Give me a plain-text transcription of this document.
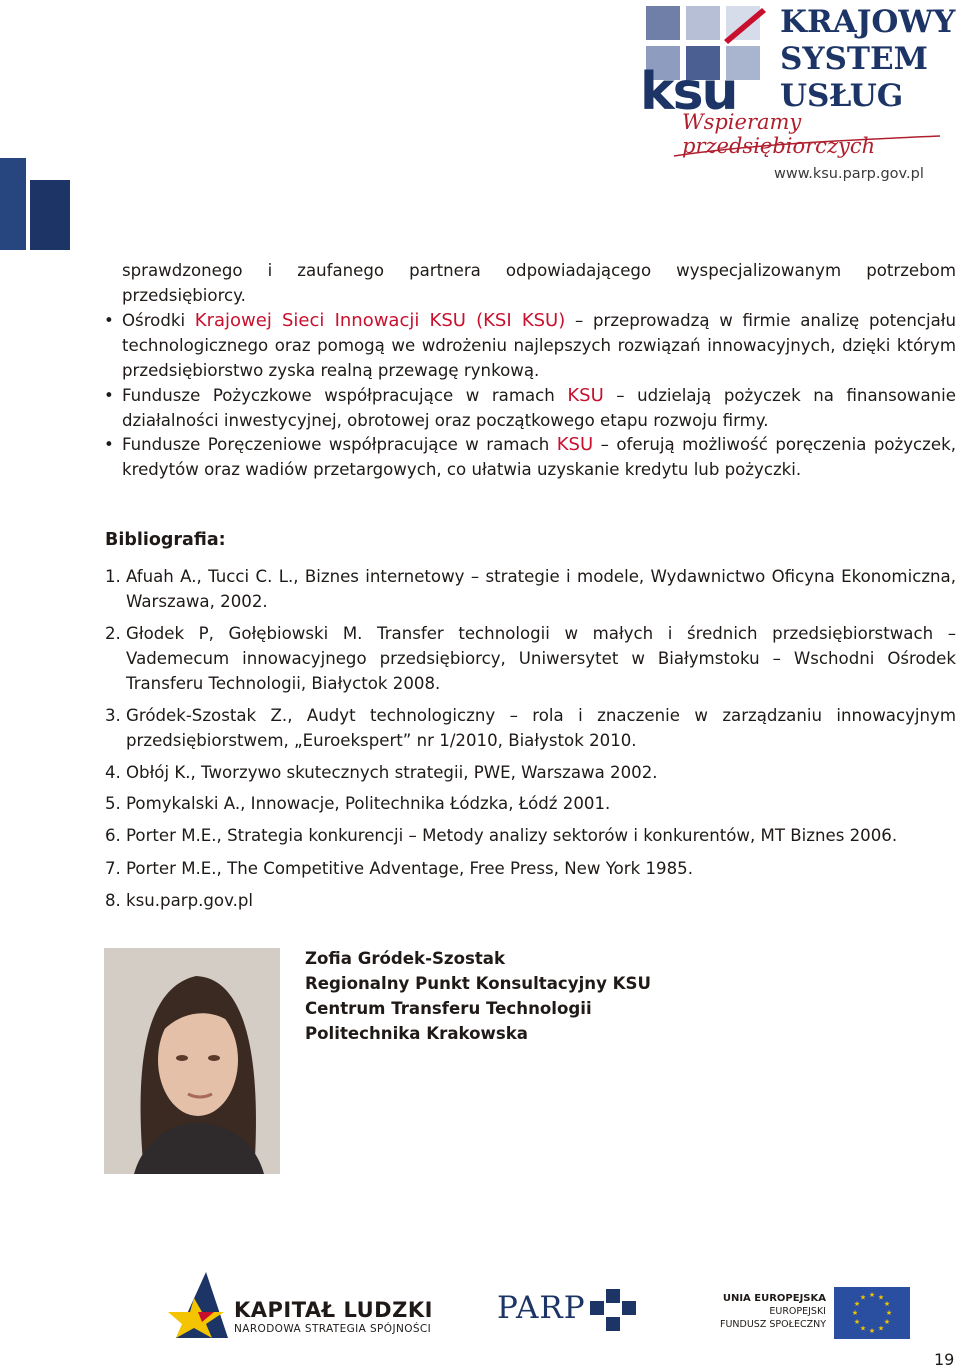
ksu
KRAJOWY
SYSTEM
USŁUG
Wspieramy przedsiębiorczych
www.ksu.parp.gov.pl
sprawdzonego i zaufanego partnera odpowiadającego wyspecjalizowanym potrzebom
przedsiębiorcy.
• Ośrodki Krajowej Sieci Innowacji KSU (KSI KSU) – przeprowadzą w firmie analizę potencjału technologicznego oraz pomogą we wdrożeniu najlepszych rozwiązań innowacyjnych, dzięki którym przedsiębiorstwo zyska realną przewagę rynkową.
• Fundusze Pożyczkowe współpracujące w ramach KSU – udzielają pożyczek na finansowanie działalności inwestycyjnej, obrotowej oraz początkowego etapu rozwoju firmy.
• Fundusze Poręczeniowe współpracujące w ramach KSU – oferują możliwość poręczenia pożyczek, kredytów oraz wadiów przetargowych, co ułatwia uzyskanie kredytu lub pożyczki.
Bibliografia:
1. Afuah A., Tucci C. L., Biznes internetowy – strategie i modele, Wydawnictwo Oficyna Ekonomiczna,
Warszawa, 2002.
2. Głodek P, Gołębiowski M. Transfer technologii w małych i średnich przedsiębiorstwach –
Vademecum innowacyjnego przedsiębiorcy, Uniwersytet w Białymstoku – Wschodni Ośrodek
Transferu Technologii, Białyctok 2008.
3. Gródek-Szostak Z., Audyt technologiczny – rola i znaczenie w zarządzaniu innowacyjnym
przedsiębiorstwem, „Euroekspert” nr 1/2010, Białystok 2010.
4. Obłój K., Tworzywo skutecznych strategii, PWE, Warszawa 2002.
5. Pomykalski A., Innowacje, Politechnika Łódzka, Łódź 2001.
6. Porter M.E., Strategia konkurencji – Metody analizy sektorów i konkurentów, MT Biznes 2006.
7. Porter M.E., The Competitive Adventage, Free Press, New York 1985.
8. ksu.parp.gov.pl
Zofia Gródek-Szostak
Regionalny Punkt Konsultacyjny KSU
Centrum Transferu Technologii
Politechnika Krakowska
KAPITAŁ LUDZKI
NARODOWA STRATEGIA SPÓJNOŚCI
PARP	UNIA EUROPEJSKA
EUROPEJSKI
FUNDUSZ SPOŁECZNY
★ ★
★
★
★
★
★
★
★
★
★
★
19
